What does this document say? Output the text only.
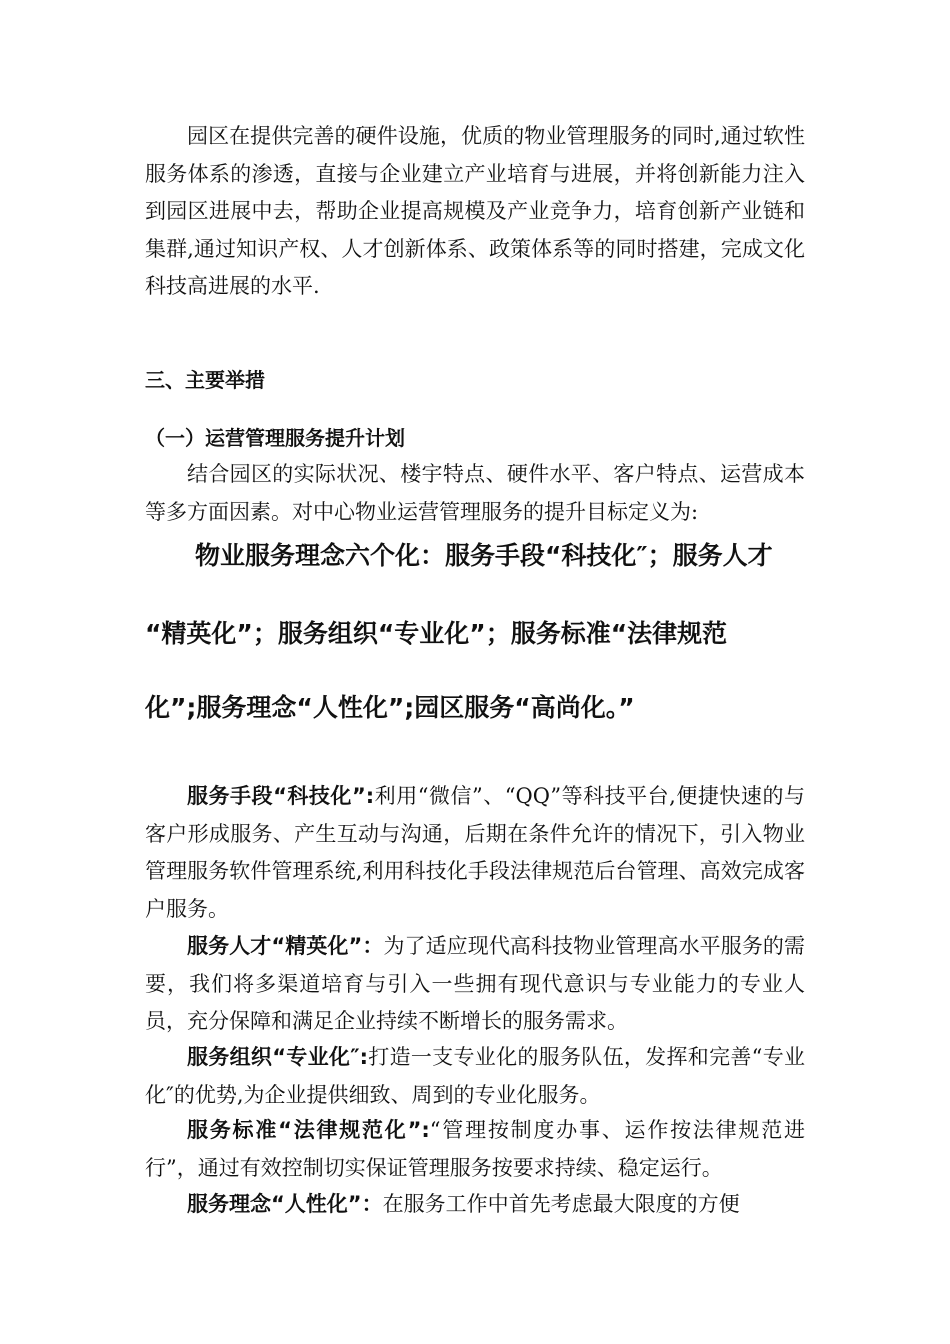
园区在提供完善的硬件设施，优质的物业管理服务的同时,通过软性服务体系的渗透，直接与企业建立产业培育与进展，并将创新能力注入到园区进展中去，帮助企业提高规模及产业竞争力，培育创新产业链和集群,通过知识产权、人才创新体系、政策体系等的同时搭建，完成文化科技高进展的水平.

三、主要举措
（一）运营管理服务提升计划

结合园区的实际状况、楼宇特点、硬件水平、客户特点、运营成本等多方面因素。对中心物业运营管理服务的提升目标定义为:

物业服务理念六个化：服务手段“科技化″；服务人才
“精英化”；服务组织“专业化”；服务标准“法律规范
化”;服务理念“人性化”;园区服务“高尚化。”

服务手段“科技化”:利用“微信”、“QQ”等科技平台,便捷快速的与客户形成服务、产生互动与沟通，后期在条件允许的情况下，引入物业管理服务软件管理系统,利用科技化手段法律规范后台管理、高效完成客户服务。

服务人才“精英化”：为了适应现代高科技物业管理高水平服务的需要，我们将多渠道培育与引入一些拥有现代意识与专业能力的专业人员，充分保障和满足企业持续不断增长的服务需求。

服务组织“专业化″:打造一支专业化的服务队伍，发挥和完善“专业化″的优势,为企业提供细致、周到的专业化服务。

服务标准“法律规范化”:“管理按制度办事、运作按法律规范进行”，通过有效控制切实保证管理服务按要求持续、稳定运行。

服务理念“人性化”：在服务工作中首先考虑最大限度的方便
